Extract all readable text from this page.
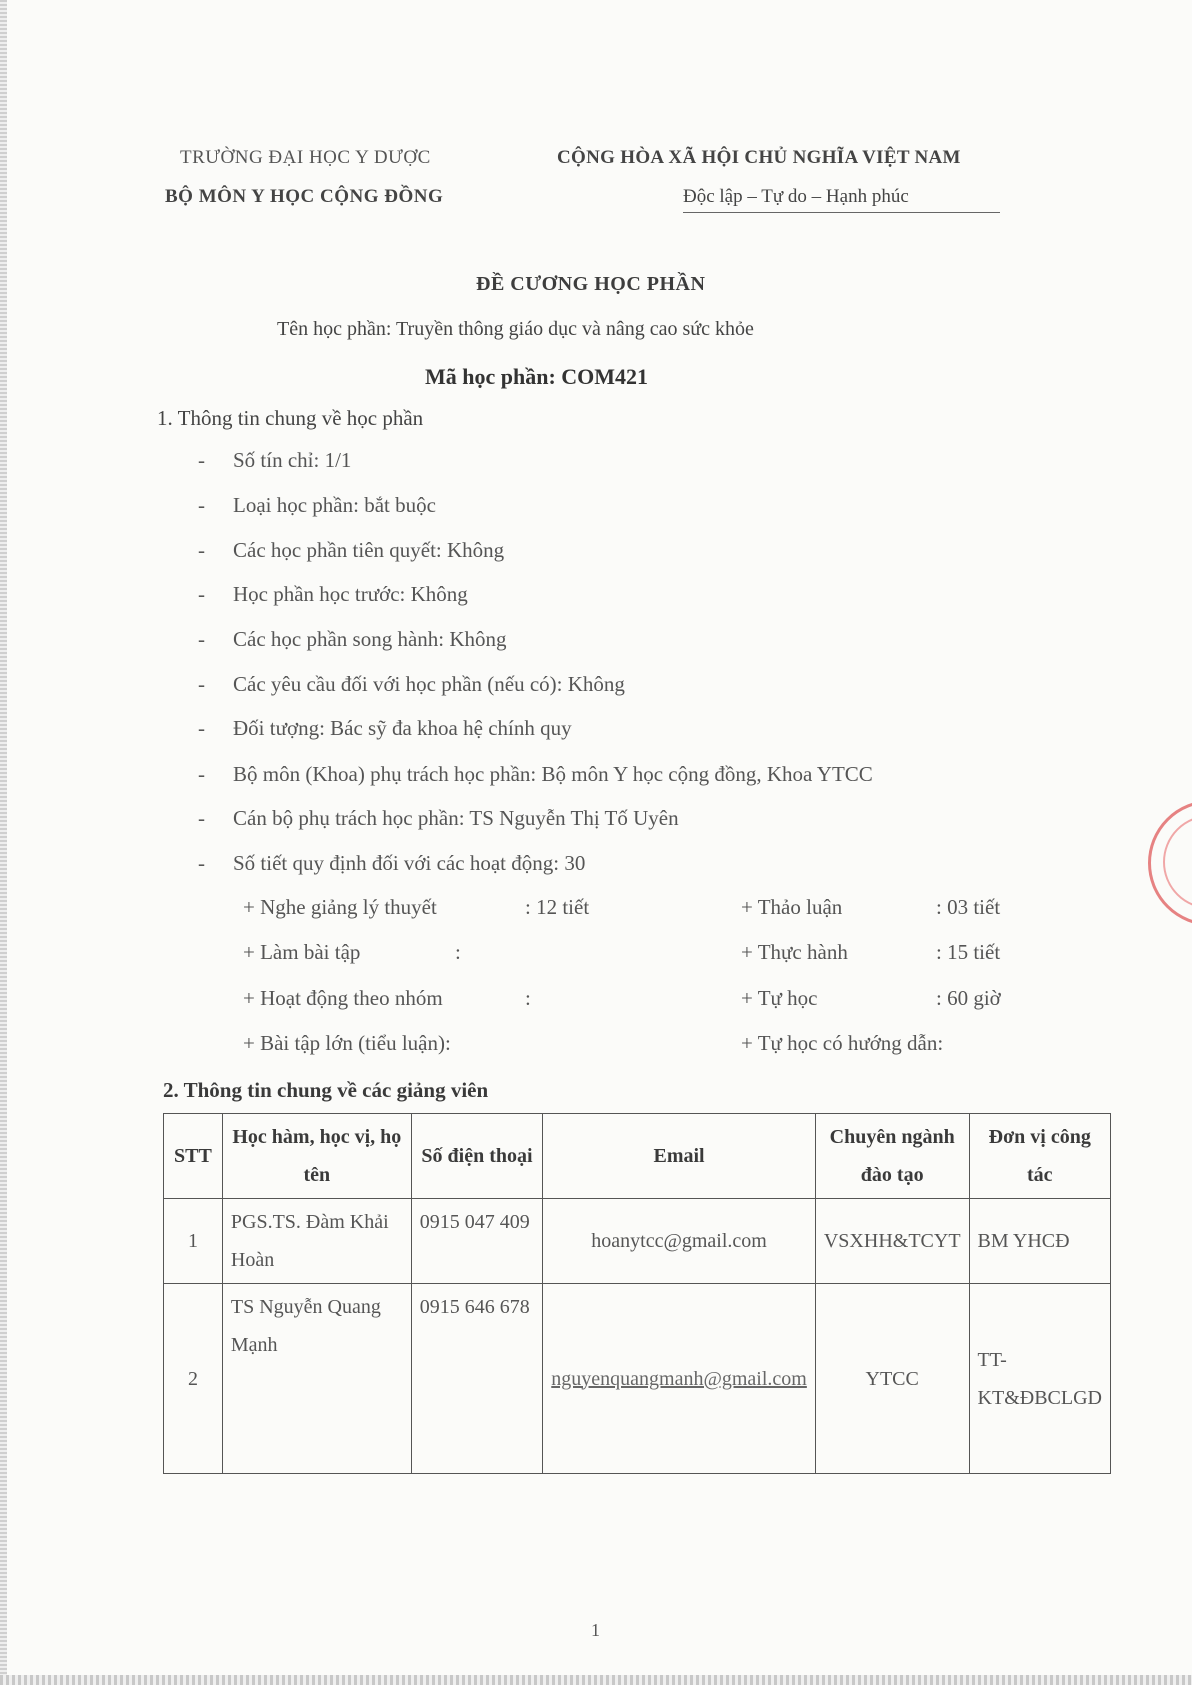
TRƯỜNG ĐẠI HỌC Y DƯỢC
BỘ MÔN Y HỌC CỘNG ĐỒNG
CỘNG HÒA XÃ HỘI CHỦ NGHĨA VIỆT NAM
Độc lập – Tự do – Hạnh phúc
ĐỀ CƯƠNG HỌC PHẦN
Tên học phần: Truyền thông giáo dục và nâng cao sức khỏe
Mã học phần: COM421
1. Thông tin chung về học phần
- Số tín chỉ: 1/1
- Loại học phần: bắt buộc
- Các học phần tiên quyết: Không
- Học phần học trước: Không
- Các học phần song hành: Không
- Các yêu cầu đối với học phần (nếu có): Không
- Đối tượng: Bác sỹ đa khoa hệ chính quy
- Bộ môn (Khoa) phụ trách học phần: Bộ môn Y học cộng đồng, Khoa YTCC
- Cán bộ phụ trách học phần: TS Nguyễn Thị Tố Uyên
- Số tiết quy định đối với các hoạt động: 30
+ Nghe giảng lý thuyết	: 12 tiết	+ Thảo luận	: 03 tiết
+ Làm bài tập	:	+ Thực hành	: 15 tiết
+ Hoạt động theo nhóm	:	+ Tự học	: 60 giờ
+ Bài tập lớn (tiểu luận):	+ Tự học có hướng dẫn:
2. Thông tin chung về các giảng viên
STT	Học hàm, học vị, họ tên	Số điện thoại	Email	Chuyên ngành đào tạo	Đơn vị công tác
1	PGS.TS. Đàm Khải Hoàn	0915 047 409	hoanytcc@gmail.com	VSXHH&TCYT	BM YHCĐ
2	TS Nguyễn Quang Mạnh	0915 646 678	nguyenquangmanh@gmail.com	YTCC	TT-KT&ĐBCLGD
1
